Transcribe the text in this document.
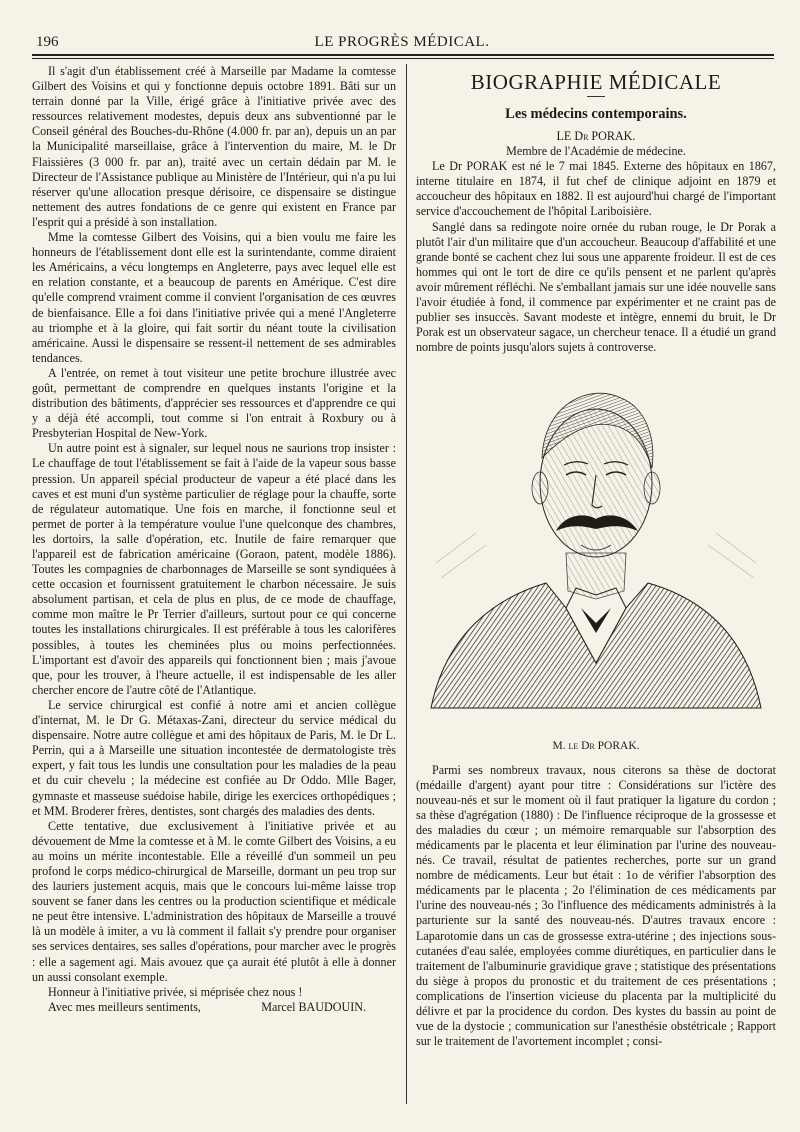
196	LE PROGRÈS MÉDICAL.

Il s'agit d'un établissement créé à Marseille par Madame la comtesse Gilbert des Voisins et qui y fonctionne depuis octobre 1891. Bâti sur un terrain donné par la Ville, érigé grâce à l'initiative privée avec des ressources relativement modestes, depuis deux ans subventionné par le Conseil général des Bouches-du-Rhône (4.000 fr. par an), depuis un an par la Municipalité marseillaise, grâce à l'intervention du maire, M. le Dr Flaissières (3 000 fr. par an), traité avec un certain dédain par M. le Directeur de l'Assistance publique au Ministère de l'Intérieur, qui n'a pu lui réserver qu'une allocation presque dérisoire, ce dispensaire se distingue nettement des autres fondations de ce genre qui existent en France par l'esprit qui a présidé à son installation.

Mme la comtesse Gilbert des Voisins, qui a bien voulu me faire les honneurs de l'établissement dont elle est la surintendante, comme diraient les Américains, a vécu longtemps en Angleterre, pays avec lequel elle est en relation constante, et a beaucoup de parents en Amérique. C'est dire qu'elle comprend vraiment comme il convient l'organisation de ces œuvres de bienfaisance. Elle a foi dans l'initiative privée qui a mené l'Angleterre au triomphe et à la gloire, qui fait sortir du néant toute la civilisation américaine. Aussi le dispensaire se ressent-il nettement de ses admirables tendances.

A l'entrée, on remet à tout visiteur une petite brochure illustrée avec goût, permettant de comprendre en quelques instants l'origine et la distribution des bâtiments, d'apprécier ses ressources et d'apprendre ce qui y a déjà été accompli, tout comme si l'on entrait à Roxbury ou à Presbyterian Hospital de New-York.

Un autre point est à signaler, sur lequel nous ne saurions trop insister : Le chauffage de tout l'établissement se fait à l'aide de la vapeur sous basse pression. Un appareil spécial producteur de vapeur a été placé dans les caves et est muni d'un système particulier de réglage pour la chauffe, sorte de régulateur automatique. Une fois en marche, il fonctionne seul et permet de porter à la température voulue l'une quelconque des chambres, les dortoirs, la salle d'opération, etc. Inutile de faire remarquer que l'appareil est de fabrication américaine (Goraon, patent, modèle 1886). Toutes les compagnies de charbonnages de Marseille se sont syndiquées à cette occasion et fournissent gratuitement le charbon nécessaire. Je suis absolument partisan, et cela de plus en plus, de ce mode de chauffage, comme mon maître le Pr Terrier d'ailleurs, surtout pour ce qui concerne toutes les installations chirurgicales. Il est préférable à tous les calorifères possibles, à toutes les cheminées plus ou moins perfectionnées. L'important est d'avoir des appareils qui fonctionnent bien ; mais j'avoue que, pour les trouver, à l'heure actuelle, il est indispensable de les aller chercher encore de l'autre côté de l'Atlantique.

Le service chirurgical est confié à notre ami et ancien collègue d'internat, M. le Dr G. Métaxas-Zani, directeur du service médical du dispensaire. Notre autre collègue et ami des hôpitaux de Paris, M. le Dr L. Perrin, qui a à Marseille une situation incontestée de dermatologiste très expert, y fait tous les lundis une consultation pour les maladies de la peau et du cuir chevelu ; la médecine est confiée au Dr Oddo. Mlle Bager, gymnaste et masseuse suédoise habile, dirige les exercices orthopédiques ; et MM. Broderer frères, dentistes, sont chargés des maladies des dents.

Cette tentative, due exclusivement à l'initiative privée et au dévouement de Mme la comtesse et à M. le comte Gilbert des Voisins, a eu au moins un mérite incontestable. Elle a réveillé d'un sommeil un peu profond le corps médico-chirurgical de Marseille, dormant un peu trop sur des lauriers justement acquis, mais que le concours lui-même laisse trop souvent se faner dans les centres ou la production scientifique et médicale ne peut être intensive. L'administration des hôpitaux de Marseille a trouvé là un modèle à imiter, a vu là comment il fallait s'y prendre pour organiser ses services dentaires, ses salles d'opérations, pour marcher avec le progrès : elle a sagement agi. Mais avouez que ça aurait été plutôt à elle à donner un aussi consolant exemple.

Honneur à l'initiative privée, si méprisée chez nous !

Avec mes meilleurs sentiments,	Marcel BAUDOUIN.
BIOGRAPHIE MÉDICALE
Les médecins contemporains.

LE Dr PORAK.

Membre de l'Académie de médecine.

Le Dr PORAK est né le 7 mai 1845. Externe des hôpitaux en 1867, interne titulaire en 1874, il fut chef de clinique adjoint en 1879 et accoucheur des hôpitaux en 1882. Il est aujourd'hui chargé de l'important service d'accouchement de l'hôpital Lariboisière.

Sanglé dans sa redingote noire ornée du ruban rouge, le Dr Porak a plutôt l'air d'un militaire que d'un accoucheur. Beaucoup d'affabilité et une grande bonté se cachent chez lui sous une apparente froideur. Il est de ces hommes qui ont le tort de dire ce qu'ils pensent et ne parlent qu'après avoir mûrement réfléchi. Ne s'emballant jamais sur une idée nouvelle sans l'avoir étudiée à fond, il commence par expérimenter et ne craint pas de publier ses insuccès. Savant modeste et intègre, ennemi du bruit, le Dr Porak est un observateur sagace, un chercheur tenace. Il a étudié un grand nombre de points jusqu'alors sujets à controverse.

M. le Dr PORAK.

Parmi ses nombreux travaux, nous citerons sa thèse de doctorat (médaille d'argent) ayant pour titre : Considérations sur l'ictère des nouveau-nés et sur le moment où il faut pratiquer la ligature du cordon ; sa thèse d'agrégation (1880) : De l'influence réciproque de la grossesse et des maladies du cœur ; un mémoire remarquable sur l'absorption des médicaments par le placenta et leur élimination par l'urine des nouveau-nés. Ce travail, résultat de patientes recherches, porte sur un grand nombre de médicaments. Leur but était : 1o de vérifier l'absorption des médicaments par le placenta ; 2o l'élimination de ces médicaments par l'urine des nouveau-nés ; 3o l'influence des médicaments administrés à la parturiente sur la santé des nouveau-nés. D'autres travaux encore : Laparotomie dans un cas de grossesse extra-utérine ; des injections sous-cutanées d'eau salée, employées comme diurétiques, en particulier dans le traitement de l'albuminurie gravidique grave ; statistique des présentations du siège à propos du pronostic et du traitement de ces présentations ; complications de l'insertion vicieuse du placenta par la multiplicité du délivre et par la procidence du cordon. Des kystes du bassin au point de vue de la dystocie ; communication sur l'anesthésie obstétricale ; Rapport sur le traitement de l'avortement incomplet ; consi-
